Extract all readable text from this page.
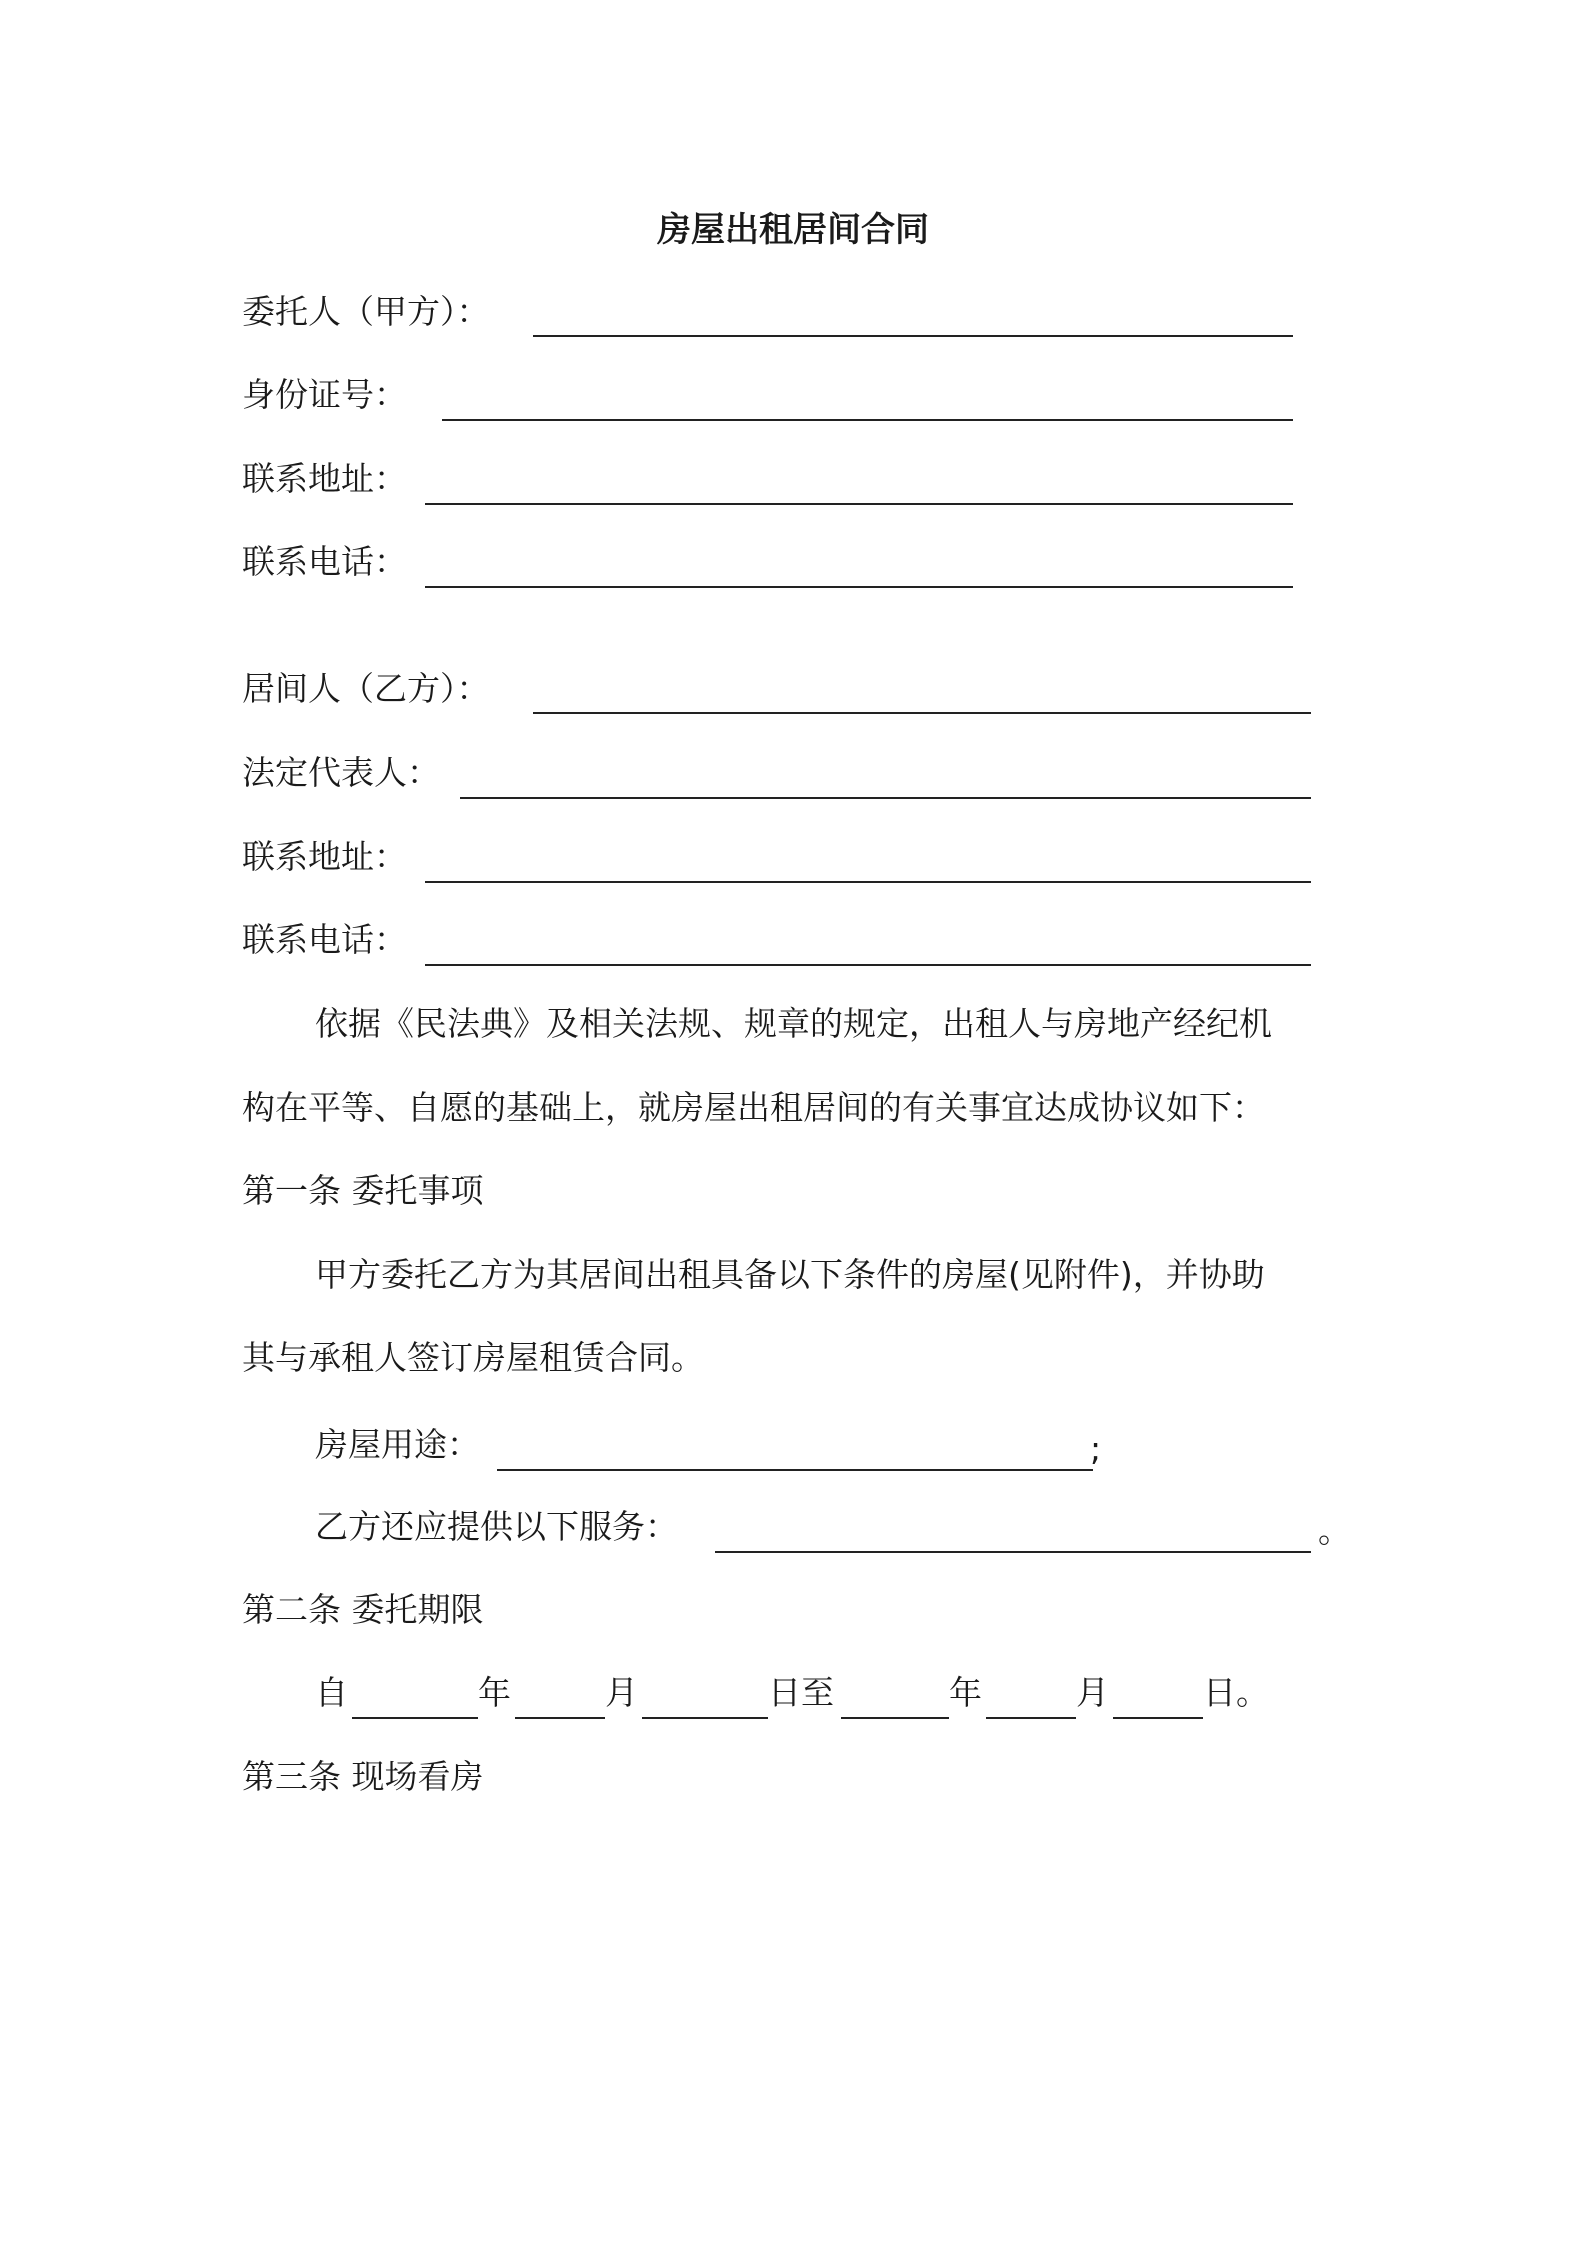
房屋出租居间合同
委托人（甲方）：
身份证号：
联系地址：
联系电话：
居间人（乙方）：
法定代表人：
联系地址：
联系电话：
依据《民法典》及相关法规、规章的规定，出租人与房地产经纪机
构在平等、自愿的基础上，就房屋出租居间的有关事宜达成协议如下：
第一条 委托事项
甲方委托乙方为其居间出租具备以下条件的房屋(见附件)，并协助
其与承租人签订房屋租赁合同。
房屋用途：	;
乙方还应提供以下服务：	。
第二条 委托期限
自	年	月	日至	年	月	日。
第三条 现场看房
